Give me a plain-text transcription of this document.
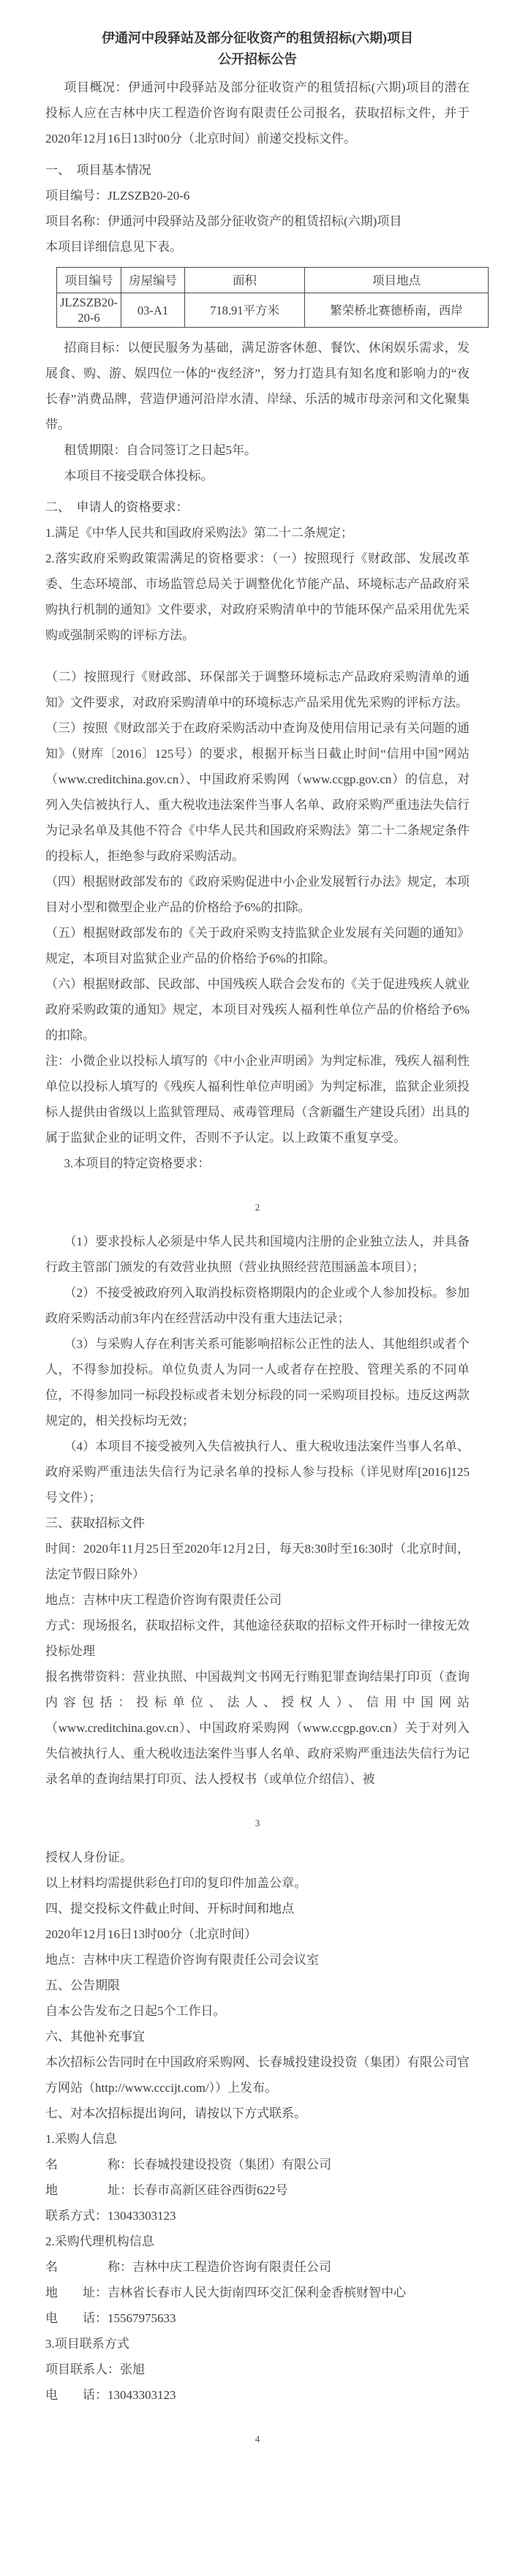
伊通河中段驿站及部分征收资产的租赁招标(六期)项目
公开招标公告

项目概况：伊通河中段驿站及部分征收资产的租赁招标(六期)项目的潜在投标人应在吉林中庆工程造价咨询有限责任公司报名，获取招标文件，并于2020年12月16日13时00分（北京时间）前递交投标文件。

一、　项目基本情况

项目编号：JLZSZB20-20-6

项目名称：伊通河中段驿站及部分征收资产的租赁招标(六期)项目

本项目详细信息见下表。

项目编号	房屋编号	面积	项目地点
JLZSZB20-20-6	03-A1	718.91平方米	繁荣桥北赛德桥南，西岸

招商目标：以便民服务为基础，满足游客休憩、餐饮、休闲娱乐需求，发展食、购、游、娱四位一体的“夜经济”，努力打造具有知名度和影响力的“夜长春”消费品牌，营造伊通河沿岸水清、岸绿、乐活的城市母亲河和文化聚集带。

租赁期限：自合同签订之日起5年。

本项目不接受联合体投标。

二、　申请人的资格要求：

1.满足《中华人民共和国政府采购法》第二十二条规定；

2.落实政府采购政策需满足的资格要求：（一）按照现行《财政部、发展改革委、生态环境部、市场监管总局关于调整优化节能产品、环境标志产品政府采购执行机制的通知》文件要求，对政府采购清单中的节能环保产品采用优先采购或强制采购的评标方法。

（二）按照现行《财政部、环保部关于调整环境标志产品政府采购清单的通知》文件要求，对政府采购清单中的环境标志产品采用优先采购的评标方法。

（三）按照《财政部关于在政府采购活动中查询及使用信用记录有关问题的通知》（财库〔2016〕125号）的要求，根据开标当日截止时间“信用中国”网站（www.creditchina.gov.cn）、中国政府采购网（www.ccgp.gov.cn）的信息，对列入失信被执行人、重大税收违法案件当事人名单、政府采购严重违法失信行为记录名单及其他不符合《中华人民共和国政府采购法》第二十二条规定条件的投标人，拒绝参与政府采购活动。

（四）根据财政部发布的《政府采购促进中小企业发展暂行办法》规定，本项目对小型和微型企业产品的价格给予6%的扣除。

（五）根据财政部发布的《关于政府采购支持监狱企业发展有关问题的通知》规定，本项目对监狱企业产品的价格给予6%的扣除。

（六）根据财政部、民政部、中国残疾人联合会发布的《关于促进残疾人就业政府采购政策的通知》规定，本项目对残疾人福利性单位产品的价格给予6%的扣除。

注：小微企业以投标人填写的《中小企业声明函》为判定标准，残疾人福利性单位以投标人填写的《残疾人福利性单位声明函》为判定标准，监狱企业须投标人提供由省级以上监狱管理局、戒毒管理局（含新疆生产建设兵团）出具的属于监狱企业的证明文件，否则不予认定。以上政策不重复享受。

3.本项目的特定资格要求：

2

（1）要求投标人必须是中华人民共和国境内注册的企业独立法人，并具备行政主管部门颁发的有效营业执照（营业执照经营范围涵盖本项目）；

（2）不接受被政府列入取消投标资格期限内的企业或个人参加投标。参加政府采购活动前3年内在经营活动中没有重大违法记录；

（3）与采购人存在利害关系可能影响招标公正性的法人、其他组织或者个人，不得参加投标。单位负责人为同一人或者存在控股、管理关系的不同单位，不得参加同一标段投标或者未划分标段的同一采购项目投标。违反这两款规定的，相关投标均无效；

（4）本项目不接受被列入失信被执行人、重大税收违法案件当事人名单、政府采购严重违法失信行为记录名单的投标人参与投标（详见财库[2016]125号文件）；

三、获取招标文件

时间：2020年11月25日至2020年12月2日，每天8:30时至16:30时（北京时间，法定节假日除外）

地点：吉林中庆工程造价咨询有限责任公司

方式：现场报名，获取招标文件，其他途径获取的招标文件开标时一律按无效投标处理

报名携带资料：营业执照、中国裁判文书网无行贿犯罪查询结果打印页（查询内容包括：投标单位、法人、授权人）、信用中国网站（www.creditchina.gov.cn）、中国政府采购网（www.ccgp.gov.cn）关于对列入失信被执行人、重大税收违法案件当事人名单、政府采购严重违法失信行为记录名单的查询结果打印页、法人授权书（或单位介绍信）、被

3

授权人身份证。

以上材料均需提供彩色打印的复印件加盖公章。

四、提交投标文件截止时间、开标时间和地点

2020年12月16日13时00分（北京时间）

地点：吉林中庆工程造价咨询有限责任公司会议室

五、公告期限

自本公告发布之日起5个工作日。

六、其他补充事宜

本次招标公告同时在中国政府采购网、长春城投建设投资（集团）有限公司官方网站（http://www.cccijt.com/））上发布。

七、对本次招标提出询问，请按以下方式联系。

1.采购人信息

名　　　　称：长春城投建设投资（集团）有限公司

地　　　　址：长春市高新区硅谷西街622号

联系方式：13043303123

2.采购代理机构信息

名　　　　称：吉林中庆工程造价咨询有限责任公司

地　　址：吉林省长春市人民大街南四环交汇保利金香槟财智中心

电　　话：15567975633

3.项目联系方式

项目联系人：张旭

电　　话：13043303123

4
